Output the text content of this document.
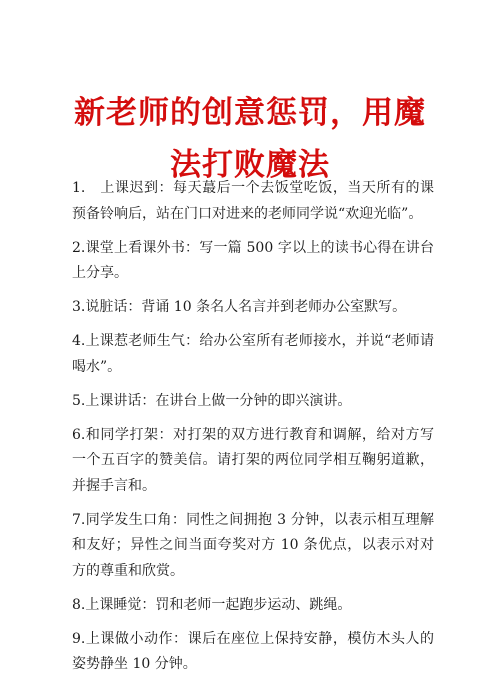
新老师的创意惩罚，用魔
法打败魔法

1.　上课迟到：每天蕞后一个去饭堂吃饭，当天所有的课预备铃响后，站在门口对进来的老师同学说“欢迎光临”。

2.课堂上看课外书：写一篇 500 字以上的读书心得在讲台上分享。

3.说脏话：背诵 10 条名人名言并到老师办公室默写。

4.上课惹老师生气：给办公室所有老师接水，并说“老师请喝水”。

5.上课讲话：在讲台上做一分钟的即兴演讲。

6.和同学打架：对打架的双方进行教育和调解，给对方写一个五百字的赞美信。请打架的两位同学相互鞠躬道歉，并握手言和。

7.同学发生口角：同性之间拥抱 3 分钟，以表示相互理解和友好；异性之间当面夸奖对方 10 条优点，以表示对对方的尊重和欣赏。

8.上课睡觉：罚和老师一起跑步运动、跳绳。

9.上课做小动作：课后在座位上保持安静，模仿木头人的姿势静坐 10 分钟。
